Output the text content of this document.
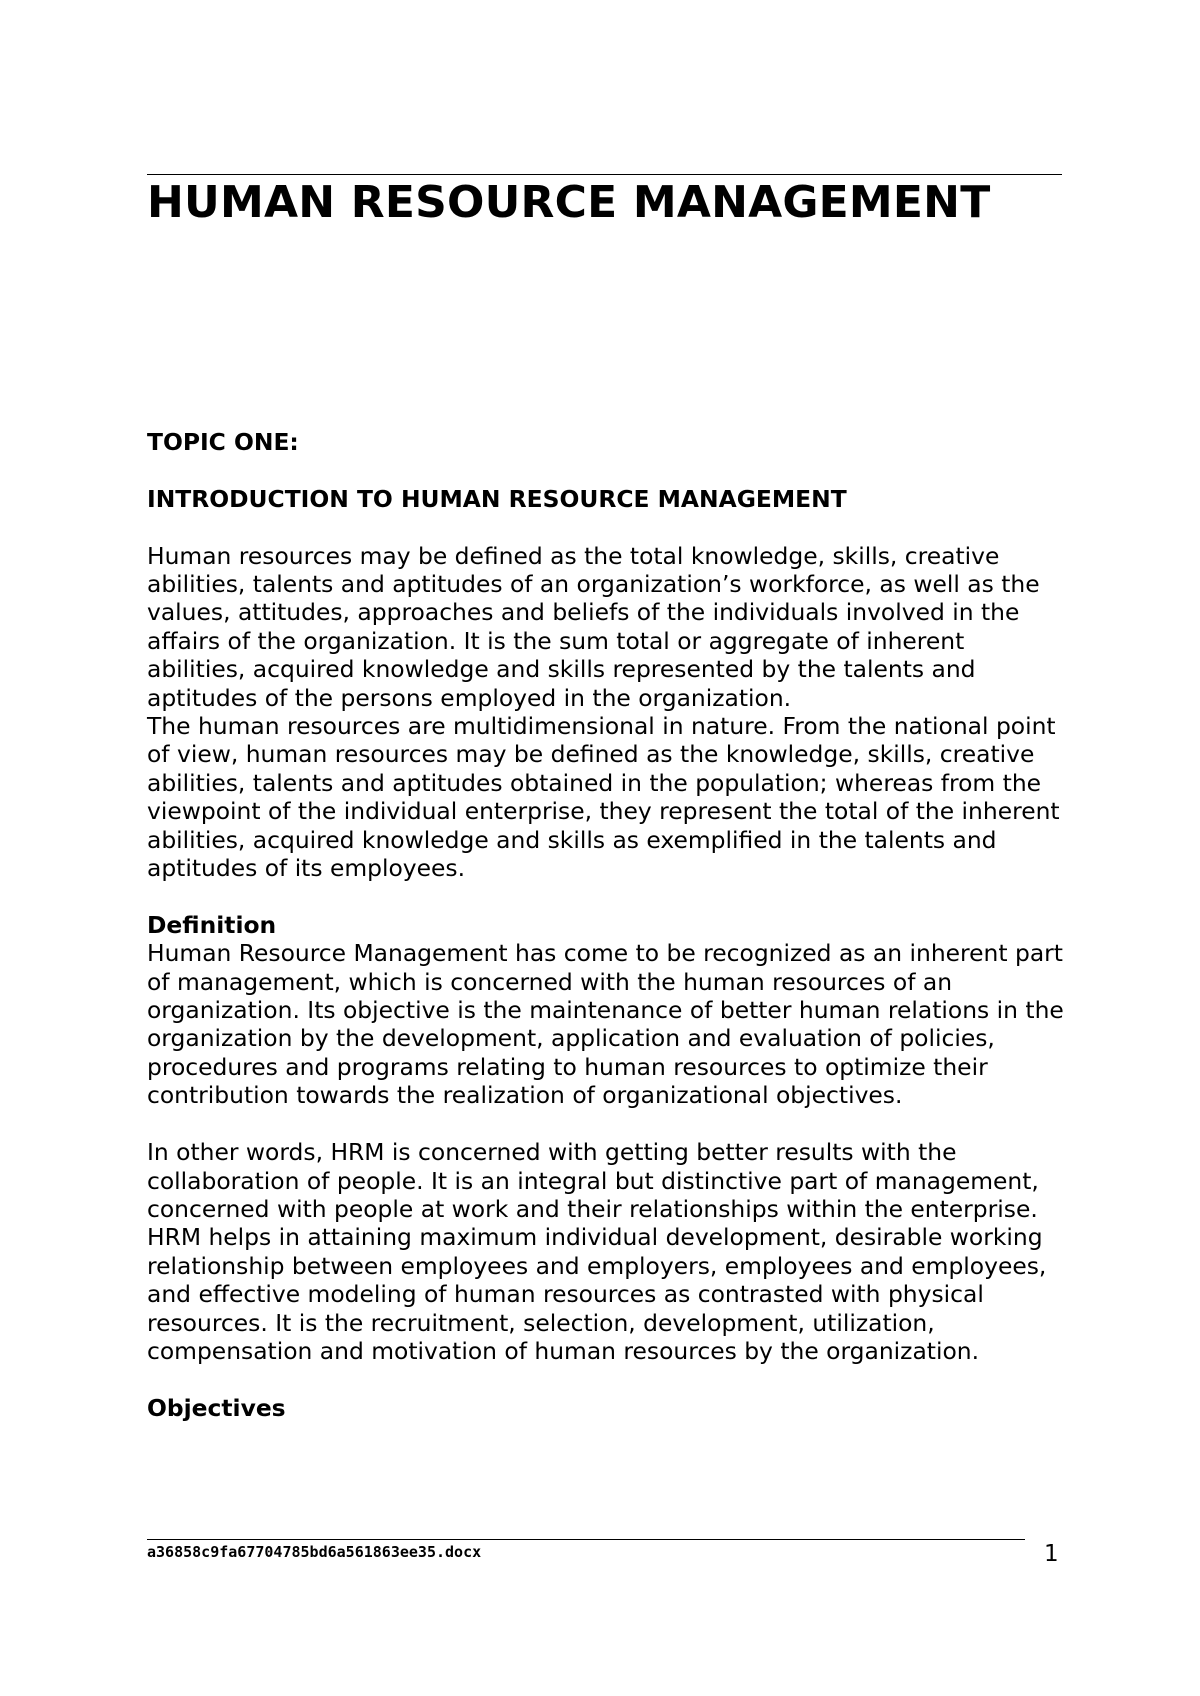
HUMAN RESOURCE MANAGEMENT

TOPIC ONE:

INTRODUCTION TO HUMAN RESOURCE MANAGEMENT

Human resources may be defined as the total knowledge, skills, creative abilities, talents and aptitudes of an organization’s workforce, as well as the values, attitudes, approaches and beliefs of the individuals involved in the affairs of the organization. It is the sum total or aggregate of inherent abilities, acquired knowledge and skills represented by the talents and aptitudes of the persons employed in the organization.

The human resources are multidimensional in nature. From the national point of view, human resources may be defined as the knowledge, skills, creative abilities, talents and aptitudes obtained in the population; whereas from the viewpoint of the individual enterprise, they represent the total of the inherent abilities, acquired knowledge and skills as exemplified in the talents and aptitudes of its employees.

Definition

Human Resource Management has come to be recognized as an inherent part of management, which is concerned with the human resources of an organization. Its objective is the maintenance of better human relations in the organization by the development, application and evaluation of policies, procedures and programs relating to human resources to optimize their contribution towards the realization of organizational objectives.

In other words, HRM is concerned with getting better results with the collaboration of people. It is an integral but distinctive part of management, concerned with people at work and their relationships within the enterprise. HRM helps in attaining maximum individual development, desirable working relationship between employees and employers, employees and employees, and effective modeling of human resources as contrasted with physical resources. It is the recruitment, selection, development, utilization, compensation and motivation of human resources by the organization.

Objectives

a36858c9fa67704785bd6a561863ee35.docx	1
